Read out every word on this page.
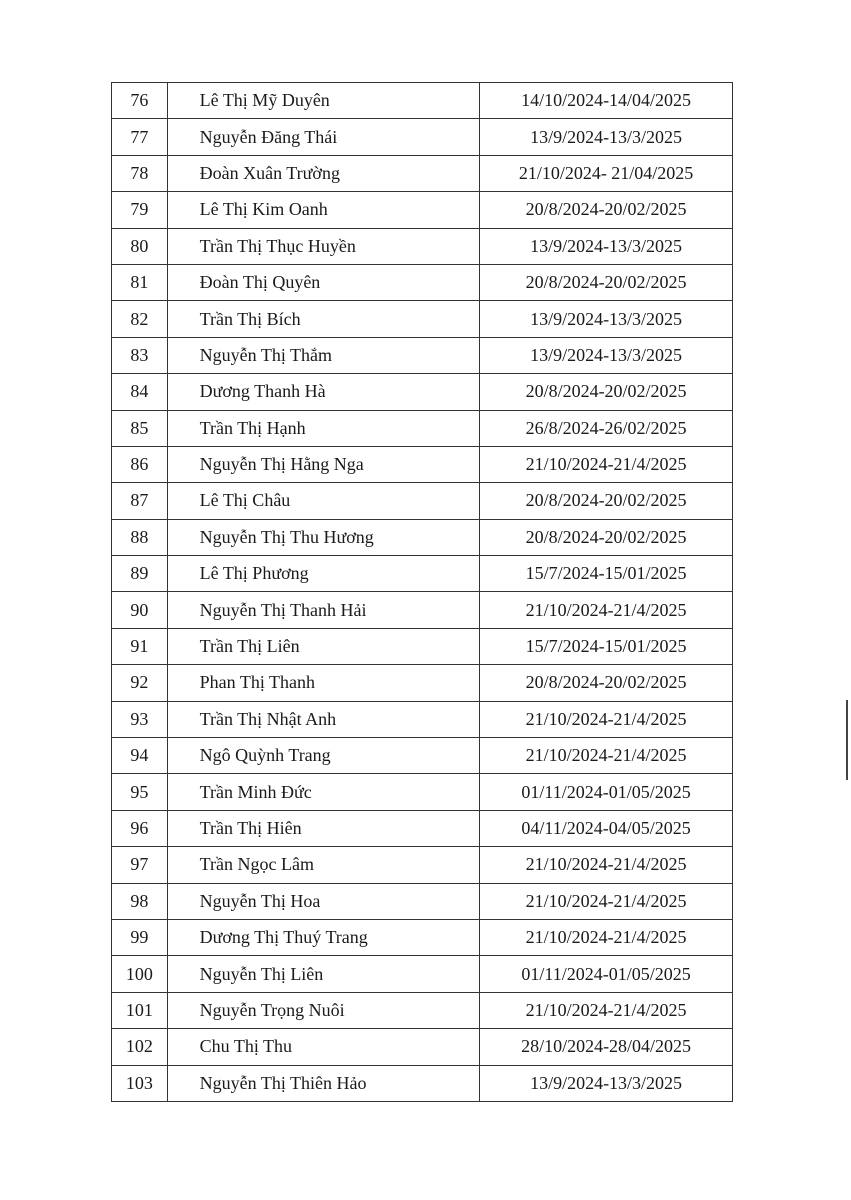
76	Lê Thị Mỹ Duyên	14/10/2024-14/04/2025
77	Nguyễn Đăng Thái	13/9/2024-13/3/2025
78	Đoàn Xuân Trường	21/10/2024- 21/04/2025
79	Lê Thị Kim Oanh	20/8/2024-20/02/2025
80	Trần Thị Thục Huyền	13/9/2024-13/3/2025
81	Đoàn Thị Quyên	20/8/2024-20/02/2025
82	Trần Thị Bích	13/9/2024-13/3/2025
83	Nguyễn Thị Thắm	13/9/2024-13/3/2025
84	Dương Thanh Hà	20/8/2024-20/02/2025
85	Trần Thị Hạnh	26/8/2024-26/02/2025
86	Nguyễn Thị Hằng Nga	21/10/2024-21/4/2025
87	Lê Thị Châu	20/8/2024-20/02/2025
88	Nguyễn Thị Thu Hương	20/8/2024-20/02/2025
89	Lê Thị Phương	15/7/2024-15/01/2025
90	Nguyễn Thị Thanh Hải	21/10/2024-21/4/2025
91	Trần Thị Liên	15/7/2024-15/01/2025
92	Phan Thị Thanh	20/8/2024-20/02/2025
93	Trần Thị Nhật Anh	21/10/2024-21/4/2025
94	Ngô Quỳnh Trang	21/10/2024-21/4/2025
95	Trần Minh Đức	01/11/2024-01/05/2025
96	Trần Thị Hiên	04/11/2024-04/05/2025
97	Trần Ngọc Lâm	21/10/2024-21/4/2025
98	Nguyễn Thị Hoa	21/10/2024-21/4/2025
99	Dương Thị Thuý Trang	21/10/2024-21/4/2025
100	Nguyễn Thị Liên	01/11/2024-01/05/2025
101	Nguyễn Trọng Nuôi	21/10/2024-21/4/2025
102	Chu Thị Thu	28/10/2024-28/04/2025
103	Nguyễn Thị Thiên Hảo	13/9/2024-13/3/2025
